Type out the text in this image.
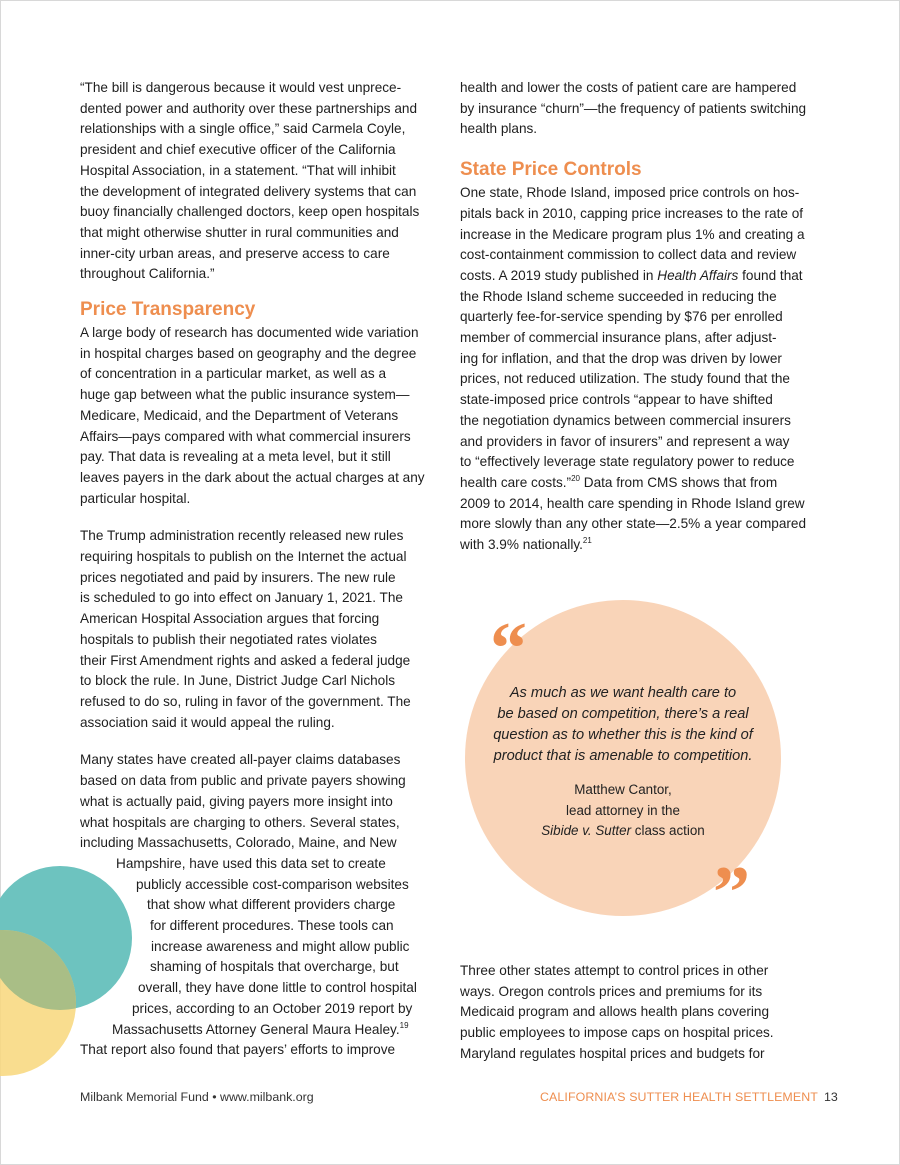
“The bill is dangerous because it would vest unprece-
dented power and authority over these partnerships and
relationships with a single office,” said Carmela Coyle,
president and chief executive officer of the California
Hospital Association, in a statement. “That will inhibit
the development of integrated delivery systems that can
buoy financially challenged doctors, keep open hospitals
that might otherwise shutter in rural communities and
inner-city urban areas, and preserve access to care
throughout California.”

Price Transparency

A large body of research has documented wide variation
in hospital charges based on geography and the degree
of concentration in a particular market, as well as a
huge gap between what the public insurance system—
Medicare, Medicaid, and the Department of Veterans
Affairs—pays compared with what commercial insurers
pay. That data is revealing at a meta level, but it still
leaves payers in the dark about the actual charges at any
particular hospital.

The Trump administration recently released new rules
requiring hospitals to publish on the Internet the actual
prices negotiated and paid by insurers. The new rule
is scheduled to go into effect on January 1, 2021. The
American Hospital Association argues that forcing
hospitals to publish their negotiated rates violates
their First Amendment rights and asked a federal judge
to block the rule. In June, District Judge Carl Nichols
refused to do so, ruling in favor of the government. The
association said it would appeal the ruling.

Many states have created all-payer claims databases
based on data from public and private payers showing
what is actually paid, giving payers more insight into
what hospitals are charging to others. Several states,
including Massachusetts, Colorado, Maine, and New
Hampshire, have used this data set to create
publicly accessible cost-comparison websites
that show what different providers charge
for different procedures. These tools can
increase awareness and might allow public
shaming of hospitals that overcharge, but
overall, they have done little to control hospital
prices, according to an October 2019 report by
Massachusetts Attorney General Maura Healey.$^{19}$
That report also found that payers’ efforts to improve

health and lower the costs of patient care are hampered
by insurance “churn”—the frequency of patients switching
health plans.

State Price Controls

One state, Rhode Island, imposed price controls on hos-
pitals back in 2010, capping price increases to the rate of
increase in the Medicare program plus 1% and creating a
cost-containment commission to collect data and review
costs. A 2019 study published in Health Affairs found that
the Rhode Island scheme succeeded in reducing the
quarterly fee-for-service spending by $76 per enrolled
member of commercial insurance plans, after adjust-
ing for inflation, and that the drop was driven by lower
prices, not reduced utilization. The study found that the
state-imposed price controls “appear to have shifted
the negotiation dynamics between commercial insurers
and providers in favor of insurers” and represent a way
to “effectively leverage state regulatory power to reduce
health care costs.”$^{20}$ Data from CMS shows that from
2009 to 2014, health care spending in Rhode Island grew
more slowly than any other state—2.5% a year compared
with 3.9% nationally.$^{21}$

“
As much as we want health care to
be based on competition, there’s a real
question as to whether this is the kind of
product that is amenable to competition.
Matthew Cantor,
lead attorney in the
Sibide v. Sutter class action
”

Three other states attempt to control prices in other
ways. Oregon controls prices and premiums for its
Medicaid program and allows health plans covering
public employees to impose caps on hospital prices.
Maryland regulates hospital prices and budgets for

Milbank Memorial Fund • www.milbank.org	CALIFORNIA’S SUTTER HEALTH SETTLEMENT 13
